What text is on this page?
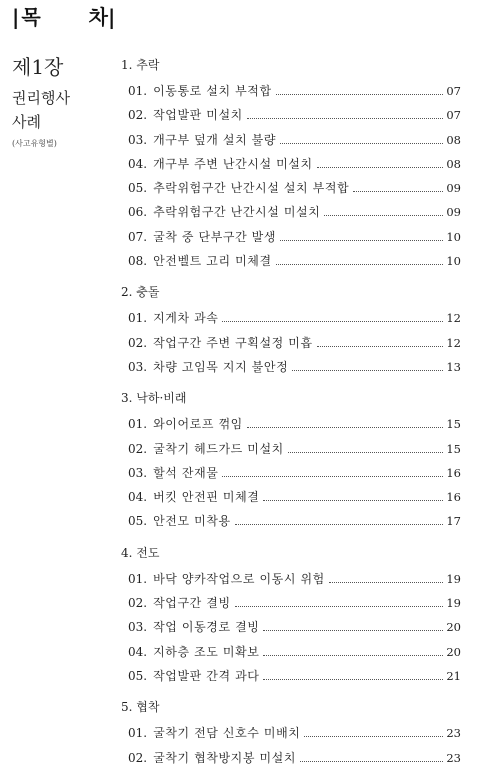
| 목 차|
제1장
권리행사
사례
(사고유형별)
1. 추락
01. 이동통로 설치 부적합	07
02. 작업발판 미설치	07
03. 개구부 덮개 설치 불량	08
04. 개구부 주변 난간시설 미설치	08
05. 추락위험구간 난간시설 설치 부적합	09
06. 추락위험구간 난간시설 미설치	09
07. 굴착 중 단부구간 발생	10
08. 안전벨트 고리 미체결	10
2. 충돌
01. 지게차 과속	12
02. 작업구간 주변 구획설정 미흡	12
03. 차량 고임목 지지 불안정	13
3. 낙하·비래
01. 와이어로프 꺾임	15
02. 굴착기 헤드가드 미설치	15
03. 할석 잔재물	16
04. 버킷 안전핀 미체결	16
05. 안전모 미착용	17
4. 전도
01. 바닥 양카작업으로 이동시 위험	19
02. 작업구간 결빙	19
03. 작업 이동경로 결빙	20
04. 지하층 조도 미확보	20
05. 작업발판 간격 과다	21
5. 협착
01. 굴착기 전담 신호수 미배치	23
02. 굴착기 협착방지봉 미설치	23
